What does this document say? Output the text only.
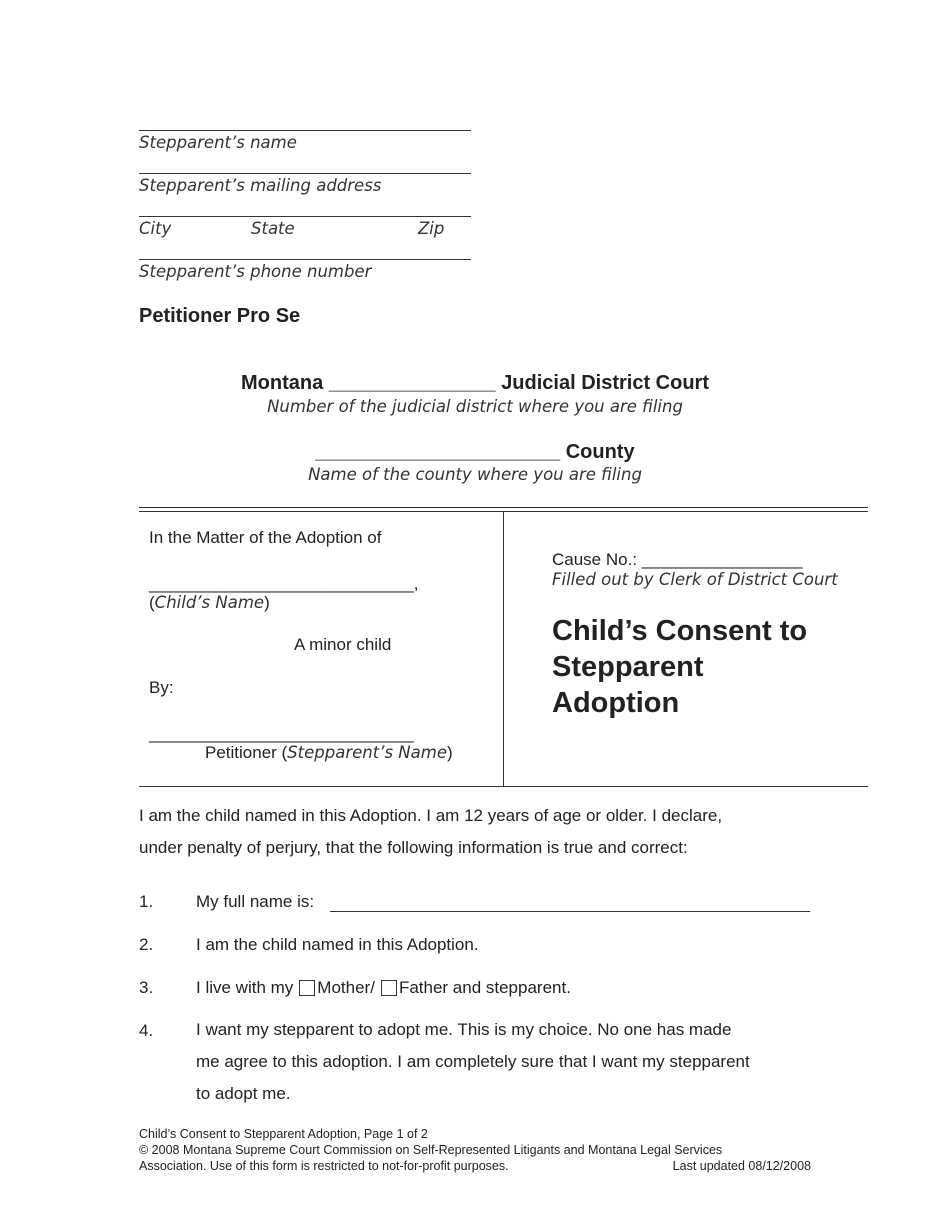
Stepparent’s name
Stepparent’s mailing address
City	State	Zip
Stepparent’s phone number
Petitioner Pro Se
Montana _______________ Judicial District Court
Number of the judicial district where you are filing
______________________ County
Name of the county where you are filing
In the Matter of the Adoption of
____________________________,
(Child’s Name)
A minor child
By:
____________________________
Petitioner (Stepparent’s Name)
Cause No.: _________________
Filled out by Clerk of District Court
Child’s Consent to
Stepparent
Adoption
I am the child named in this Adoption. I am 12 years of age or older. I declare,
under penalty of perjury, that the following information is true and correct:
1.	My full name is:
2.	I am the child named in this Adoption.
3.	I live with my Mother/ Father and stepparent.
4.	I want my stepparent to adopt me. This is my choice. No one has made
me agree to this adoption. I am completely sure that I want my stepparent
to adopt me.
Child’s Consent to Stepparent Adoption, Page 1 of 2
© 2008 Montana Supreme Court Commission on Self-Represented Litigants and Montana Legal Services
Association. Use of this form is restricted to not-for-profit purposes.	Last updated 08/12/2008
